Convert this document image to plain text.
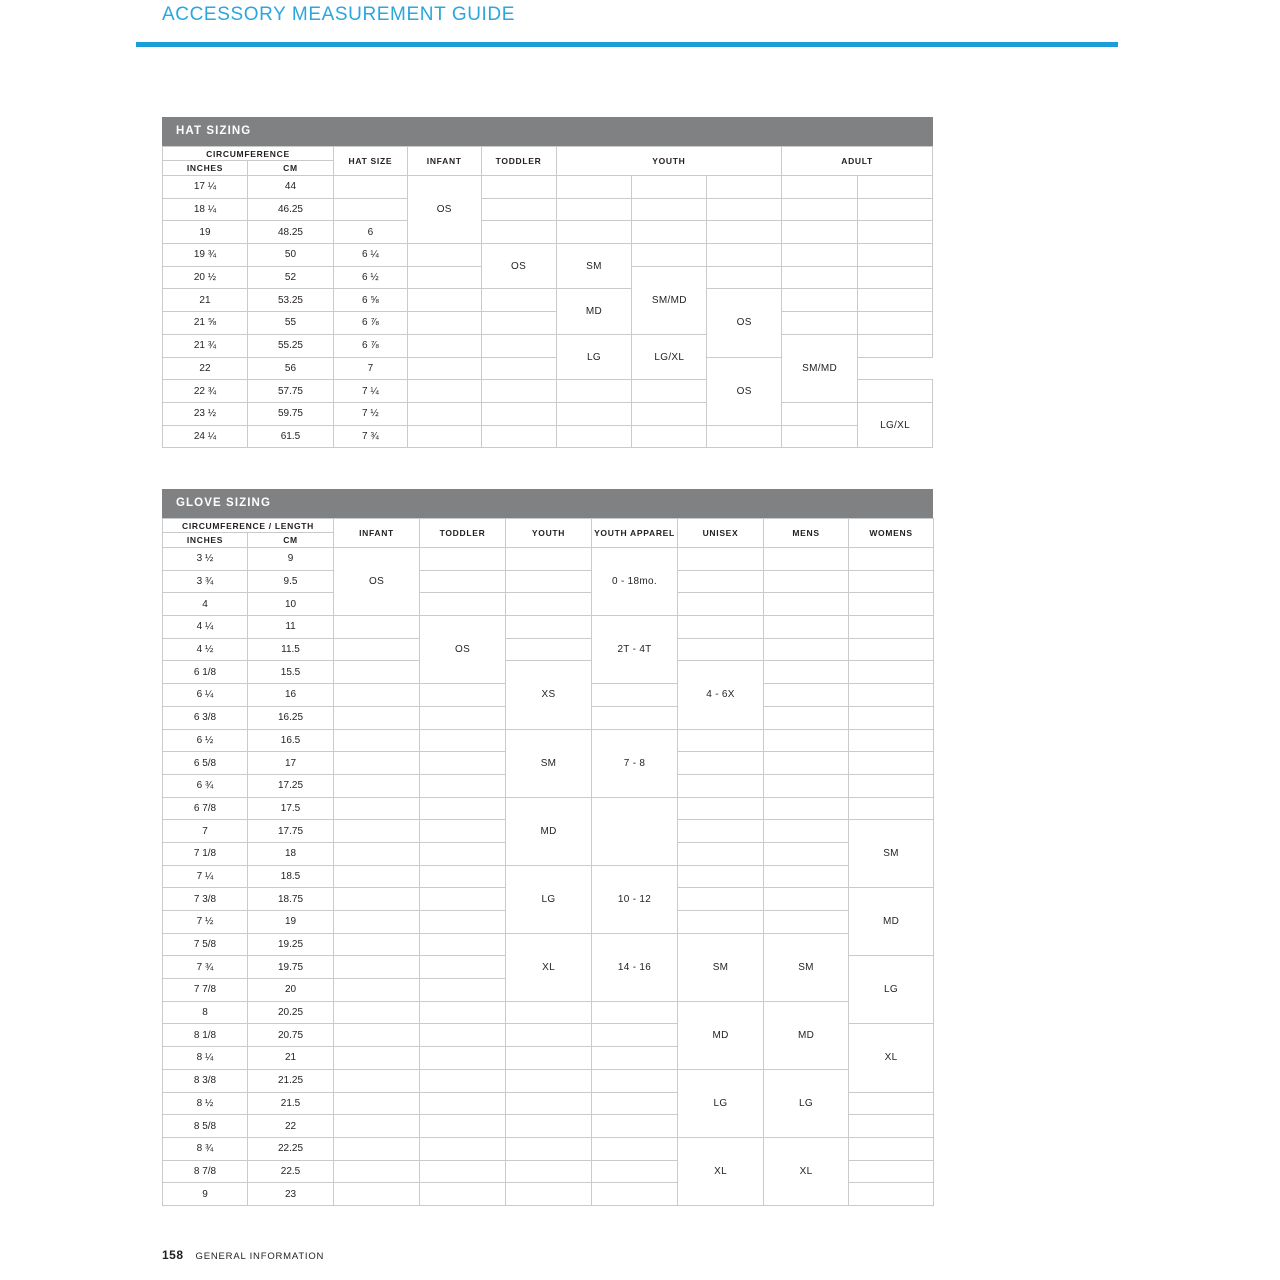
ACCESSORY MEASUREMENT GUIDE
HAT SIZING
CIRCUMFERENCE		HAT SIZE	INFANT	TODDLER	YOUTH			ADULT	
INCHES	CM								
17 ¼	44		OS						
18 ¼	46.25								
19	48.25	6							
19 ¾	50	6 ¼		OS	SM				
20 ½	52	6 ½				SM/MD			
21	53.25	6 ⅝			MD		OS		
21 ⅝	55	6 ⅞							
21 ¾	55.25	6 ⅞			LG	LG/XL		SM/MD	
22	56	7					OS		
22 ¾	57.75	7 ¼							
23 ½	59.75	7 ½							LG/XL
24 ¼	61.5	7 ¾							
GLOVE SIZING
CIRCUMFERENCE / LENGTH		INFANT	TODDLER	YOUTH	YOUTH APPAREL	UNISEX	MENS	WOMENS	
INCHES	CM								
3 ½	9	OS			0 - 18mo.				
3 ¾	9.5								
4	10								
4 ¼	11		OS		2T - 4T				
4 ½	11.5								
6 1/8	15.5			XS		4 - 6X			
6 ¼	16								
6 3/8	16.25								
6 ½	16.5			SM	7 - 8				
6 5/8	17								
6 ¾	17.25								
6 7/8	17.5			MD					
7	17.75							SM	
7 1/8	18								
7 ¼	18.5			LG	10 - 12				
7 3/8	18.75							MD	
7 ½	19								
7 5/8	19.25			XL	14 - 16	SM	SM		
7 ¾	19.75							LG	
7 7/8	20								
8	20.25					MD	MD		
8 1/8	20.75							XL	
8 ¼	21								
8 3/8	21.25					LG	LG		
8 ½	21.5								
8 5/8	22								
8 ¾	22.25					XL	XL		
8 7/8	22.5								
9	23								
158 GENERAL INFORMATION
